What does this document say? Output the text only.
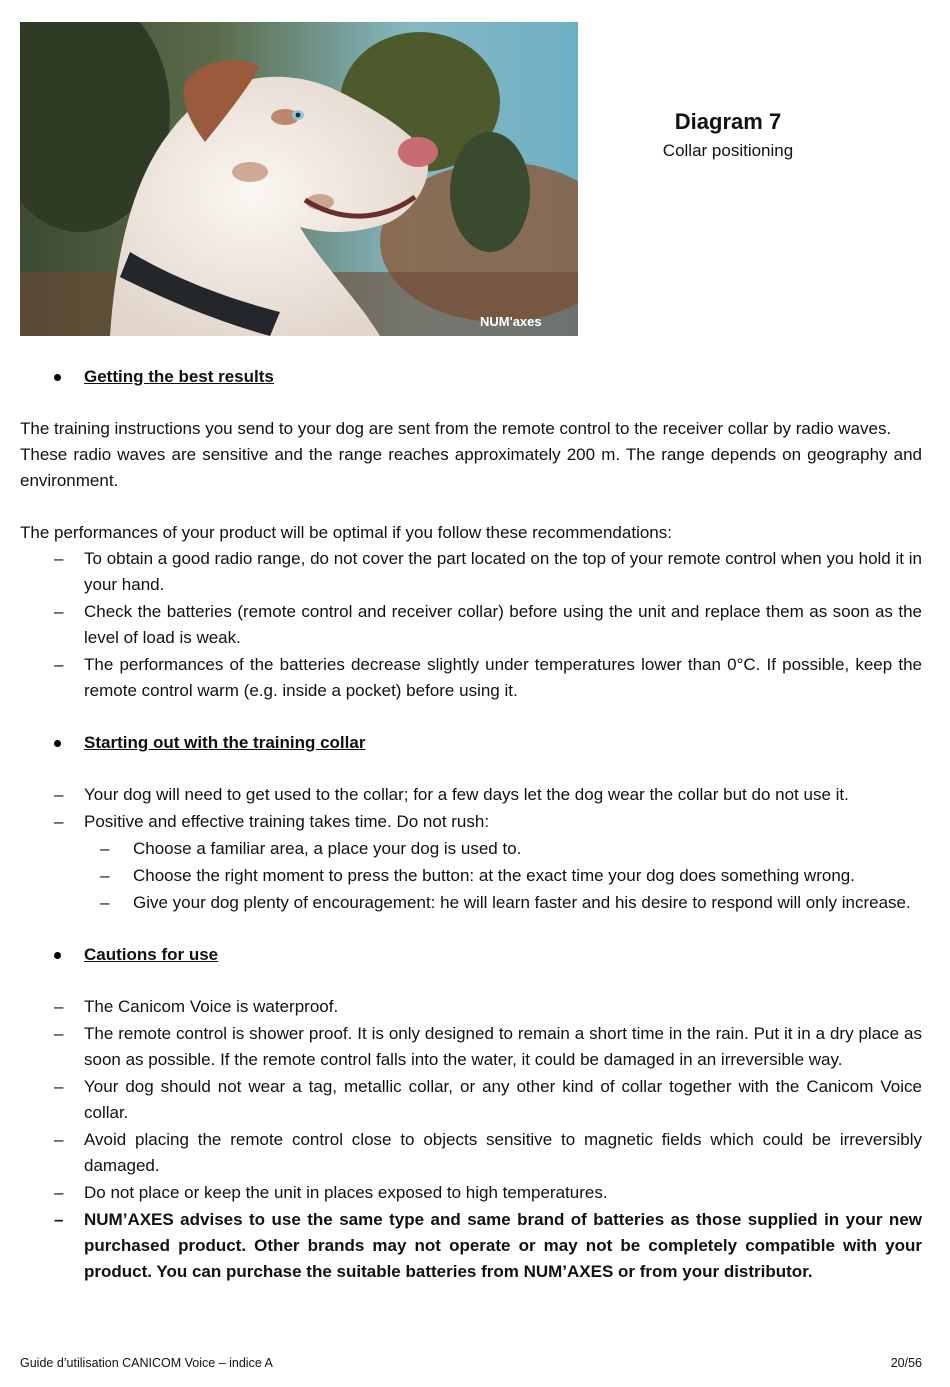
NUM'axes
Diagram 7
Collar positioning
Getting the best results

The training instructions you send to your dog are sent from the remote control to the receiver collar by radio waves.

These radio waves are sensitive and the range reaches approximately 200 m. The range depends on geography and environment.

The performances of your product will be optimal if you follow these recommendations:

– To obtain a good radio range, do not cover the part located on the top of your remote control when you hold it in your hand.

– Check the batteries (remote control and receiver collar) before using the unit and replace them as soon as the level of load is weak.

– The performances of the batteries decrease slightly under temperatures lower than 0°C. If possible, keep the remote control warm (e.g. inside a pocket) before using it.

Starting out with the training collar

– Your dog will need to get used to the collar; for a few days let the dog wear the collar but do not use it.

– Positive and effective training takes time. Do not rush:

– Choose a familiar area, a place your dog is used to.

– Choose the right moment to press the button: at the exact time your dog does something wrong.

– Give your dog plenty of encouragement: he will learn faster and his desire to respond will only increase.

Cautions for use

– The Canicom Voice is waterproof.

– The remote control is shower proof. It is only designed to remain a short time in the rain. Put it in a dry place as soon as possible. If the remote control falls into the water, it could be damaged in an irreversible way.

– Your dog should not wear a tag, metallic collar, or any other kind of collar together with the Canicom Voice collar.

– Avoid placing the remote control close to objects sensitive to magnetic fields which could be irreversibly damaged.

– Do not place or keep the unit in places exposed to high temperatures.

– NUM’AXES advises to use the same type and same brand of batteries as those supplied in your new purchased product. Other brands may not operate or may not be completely compatible with your product. You can purchase the suitable batteries from NUM’AXES or from your distributor.

Guide d’utilisation CANICOM Voice – indice A	20/56
